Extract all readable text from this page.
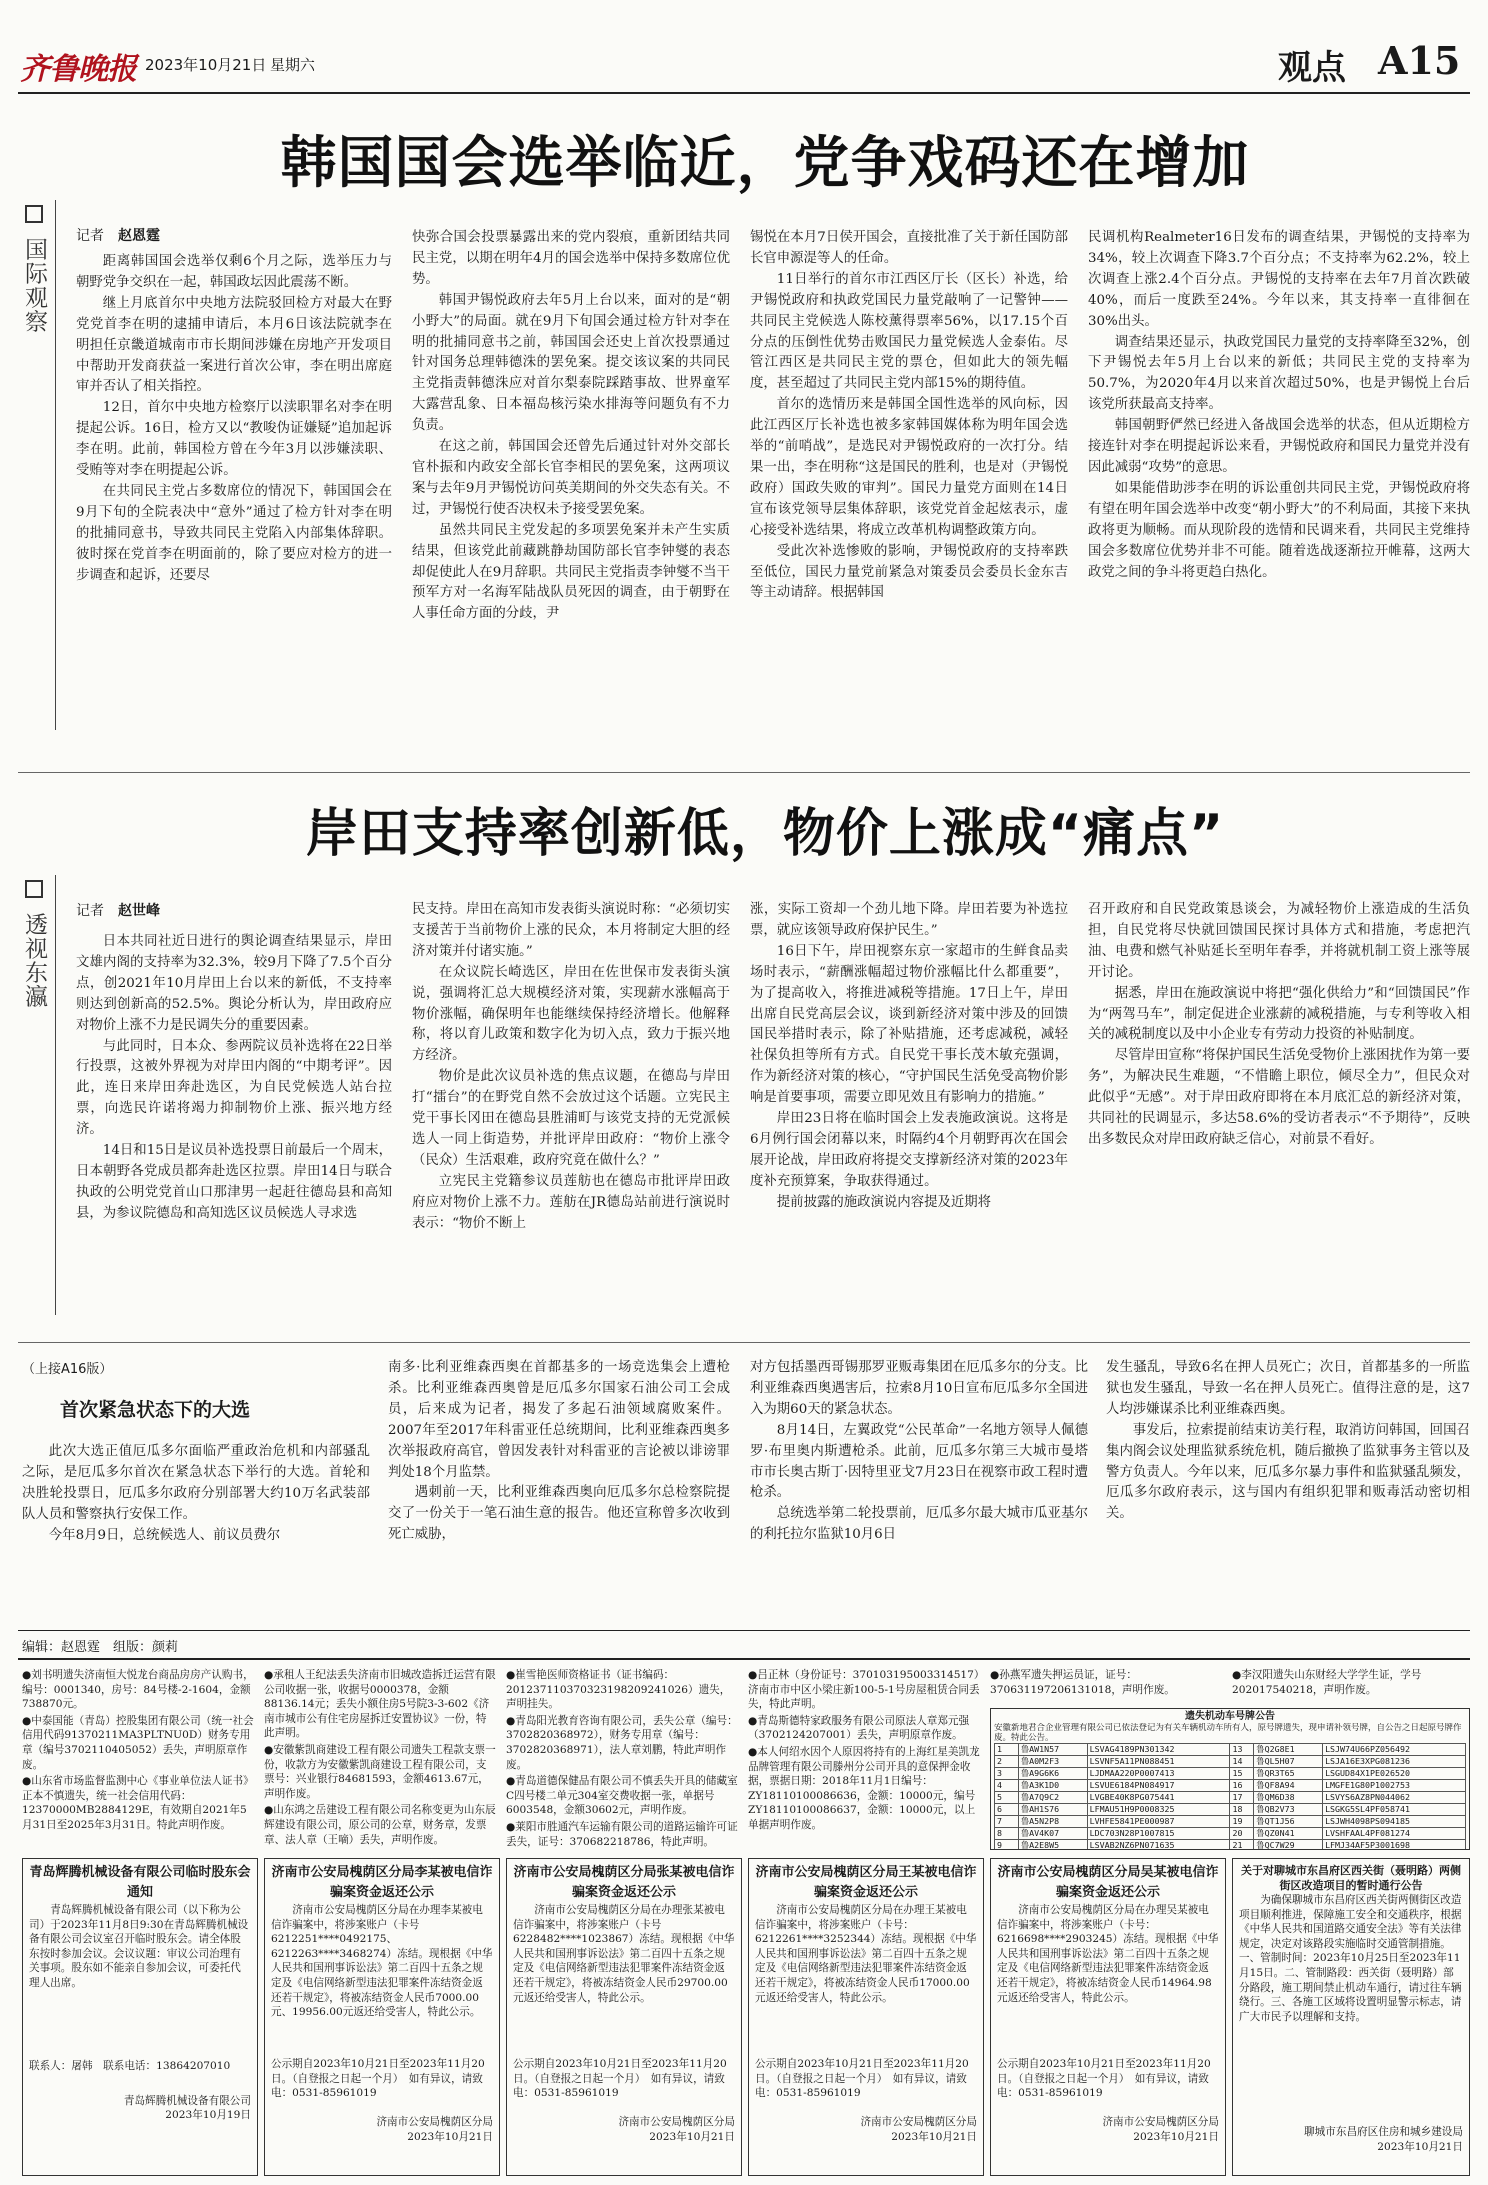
齐鲁晚报 2023年10月21日 星期六	观点 A15
韩国国会选举临近，党争戏码还在增加
国际观察
记者　 赵恩霆

距离韩国国会选举仅剩6个月之际，选举压力与朝野党争交织在一起，韩国政坛因此震荡不断。

继上月底首尔中央地方法院驳回检方对最大在野党党首李在明的逮捕申请后，本月6日该法院就李在明担任京畿道城南市市长期间涉嫌在房地产开发项目中帮助开发商获益一案进行首次公审，李在明出席庭审并否认了相关指控。

12日，首尔中央地方检察厅以渎职罪名对李在明提起公诉。16日，检方又以“教唆伪证嫌疑”追加起诉李在明。此前，韩国检方曾在今年3月以涉嫌渎职、受贿等对李在明提起公诉。

在共同民主党占多数席位的情况下，韩国国会在9月下旬的全院表决中“意外”通过了检方针对李在明的批捕同意书，导致共同民主党陷入内部集体辞职。彼时探在党首李在明面前的，除了要应对检方的进一步调查和起诉，还要尽

快弥合国会投票暴露出来的党内裂痕，重新团结共同民主党，以期在明年4月的国会选举中保持多数席位优势。

韩国尹锡悦政府去年5月上台以来，面对的是“朝小野大”的局面。就在9月下旬国会通过检方针对李在明的批捕同意书之前，韩国国会还史上首次投票通过针对国务总理韩德洙的罢免案。提交该议案的共同民主党指责韩德洙应对首尔梨泰院踩踏事故、世界童军大露营乱象、日本福岛核污染水排海等问题负有不力负责。

在这之前，韩国国会还曾先后通过针对外交部长官朴振和内政安全部长官李相民的罢免案，这两项议案与去年9月尹锡悦访问英美期间的外交失态有关。不过，尹锡悦行使否决权未予接受罢免案。

虽然共同民主党发起的多项罢免案并未产生实质结果，但该党此前藏跳静劫国防部长官李钟燮的表态却促使此人在9月辞职。共同民主党指责李钟燮不当干预军方对一名海军陆战队员死因的调查，由于朝野在人事任命方面的分歧，尹

锡悦在本月7日侯开国会，直接批准了关于新任国防部长官申源湜等人的任命。

11日举行的首尔市江西区厅长（区长）补选，给尹锡悦政府和执政党国民力量党敲响了一记警钟——共同民主党候选人陈校薰得票率56%，以17.15个百分点的压倒性优势击败国民力量党候选人金泰佑。尽管江西区是共同民主党的票仓，但如此大的领先幅度，甚至超过了共同民主党内部15%的期待值。

首尔的选情历来是韩国全国性选举的风向标，因此江西区厅长补选也被多家韩国媒体称为明年国会选举的“前哨战”，是选民对尹锡悦政府的一次打分。结果一出，李在明称“这是国民的胜利，也是对（尹锡悦政府）国政失败的审判”。国民力量党方面则在14日宣布该党领导层集体辞职，该党党首金起炫表示，虚心接受补选结果，将成立改革机构调整政策方向。

受此次补选惨败的影响，尹锡悦政府的支持率跌至低位，国民力量党前紧急对策委员会委员长金东吉等主动请辞。根据韩国

民调机构Realmeter16日发布的调查结果，尹锡悦的支持率为34%，较上次调查下降3.7个百分点；不支持率为62.2%，较上次调查上涨2.4个百分点。尹锡悦的支持率在去年7月首次跌破40%，而后一度跌至24%。今年以来，其支持率一直徘徊在30%出头。

调查结果还显示，执政党国民力量党的支持率降至32%，创下尹锡悦去年5月上台以来的新低；共同民主党的支持率为50.7%，为2020年4月以来首次超过50%，也是尹锡悦上台后该党所获最高支持率。

韩国朝野俨然已经进入备战国会选举的状态，但从近期检方接连针对李在明提起诉讼来看，尹锡悦政府和国民力量党并没有因此减弱“攻势”的意思。

如果能借助涉李在明的诉讼重创共同民主党，尹锡悦政府将有望在明年国会选举中改变“朝小野大”的不利局面，其接下来执政将更为顺畅。而从现阶段的选情和民调来看，共同民主党维持国会多数席位优势并非不可能。随着选战逐渐拉开帷幕，这两大政党之间的争斗将更趋白热化。

岸田支持率创新低，物价上涨成“痛点”
透视东瀛
记者　 赵世峰

日本共同社近日进行的舆论调查结果显示，岸田文雄内阁的支持率为32.3%，较9月下降了7.5个百分点，创2021年10月岸田上台以来的新低，不支持率则达到创新高的52.5%。舆论分析认为，岸田政府应对物价上涨不力是民调失分的重要因素。

与此同时，日本众、参两院议员补选将在22日举行投票，这被外界视为对岸田内阁的“中期考评”。因此，连日来岸田奔赴选区，为自民党候选人站台拉票，向选民许诺将竭力抑制物价上涨、振兴地方经济。

14日和15日是议员补选投票日前最后一个周末，日本朝野各党成员都奔赴选区拉票。岸田14日与联合执政的公明党党首山口那津男一起赶往德岛县和高知县，为参议院德岛和高知选区议员候选人寻求选

民支持。岸田在高知市发表街头演说时称：“必须切实支援苦于当前物价上涨的民众，本月将制定大胆的经济对策并付诸实施。”

在众议院长崎选区，岸田在佐世保市发表街头演说，强调将汇总大规模经济对策，实现薪水涨幅高于物价涨幅，确保明年也能继续保持经济增长。他解释称，将以育儿政策和数字化为切入点，致力于振兴地方经济。

物价是此次议员补选的焦点议题，在德岛与岸田打“擂台”的在野党自然不会放过这个话题。立宪民主党干事长冈田在德岛县胜浦町与该党支持的无党派候选人一同上街造势，并批评岸田政府：“物价上涨令（民众）生活艰难，政府究竟在做什么？”

立宪民主党籍参议员莲舫也在德岛市批评岸田政府应对物价上涨不力。莲舫在JR德岛站前进行演说时表示：“物价不断上

涨，实际工资却一个劲儿地下降。岸田若要为补选拉票，就应该领导政府保护民生。”

16日下午，岸田视察东京一家超市的生鲜食品卖场时表示，“薪酬涨幅超过物价涨幅比什么都重要”，为了提高收入，将推进减税等措施。17日上午，岸田出席自民党高层会议，谈到新经济对策中涉及的回馈国民举措时表示，除了补贴措施，还考虑减税，减轻社保负担等所有方式。自民党干事长茂木敏充强调，作为新经济对策的核心，“守护国民生活免受高物价影响是首要事项，需要立即见效且有影响力的措施。”

岸田23日将在临时国会上发表施政演说。这将是6月例行国会闭幕以来，时隔约4个月朝野再次在国会展开论战，岸田政府将提交支撑新经济对策的2023年度补充预算案，争取获得通过。

提前披露的施政演说内容提及近期将

召开政府和自民党政策恳谈会，为减轻物价上涨造成的生活负担，自民党将尽快就回馈国民探讨具体方式和措施，考虑把汽油、电费和燃气补贴延长至明年春季，并将就机制工资上涨等展开讨论。

据悉，岸田在施政演说中将把“强化供给力”和“回馈国民”作为“两驾马车”，制定促进企业涨薪的减税措施，与专利等收入相关的减税制度以及中小企业专有劳动力投资的补贴制度。

尽管岸田宣称“将保护国民生活免受物价上涨困扰作为第一要务”，为解决民生难题，“不惜瞻上职位，倾尽全力”，但民众对此似乎“无感”。对于岸田政府即将在本月底汇总的新经济对策，共同社的民调显示，多达58.6%的受访者表示“不予期待”，反映出多数民众对岸田政府缺乏信心，对前景不看好。

（上接A16版）
首次紧急状态下的大选

此次大选正值厄瓜多尔面临严重政治危机和内部骚乱之际，是厄瓜多尔首次在紧急状态下举行的大选。首轮和决胜轮投票日，厄瓜多尔政府分别部署大约10万名武装部队人员和警察执行安保工作。

今年8月9日，总统候选人、前议员费尔

南多·比利亚维森西奥在首都基多的一场竞选集会上遭枪杀。比利亚维森西奥曾是厄瓜多尔国家石油公司工会成员，后来成为记者，揭发了多起石油领域腐败案件。2007年至2017年科雷亚任总统期间，比利亚维森西奥多次举报政府高官，曾因发表针对科雷亚的言论被以诽谤罪判处18个月监禁。

遇刺前一天，比利亚维森西奥向厄瓜多尔总检察院提交了一份关于一笔石油生意的报告。他还宣称曾多次收到死亡威胁，

对方包括墨西哥锡那罗亚贩毒集团在厄瓜多尔的分支。比利亚维森西奥遇害后，拉索8月10日宣布厄瓜多尔全国进入为期60天的紧急状态。

8月14日，左翼政党“公民革命”一名地方领导人佩德罗·布里奥内斯遭枪杀。此前，厄瓜多尔第三大城市曼塔市市长奥古斯丁·因特里亚戈7月23日在视察市政工程时遭枪杀。

总统选举第二轮投票前，厄瓜多尔最大城市瓜亚基尔的利托拉尔监狱10月6日

发生骚乱，导致6名在押人员死亡；次日，首都基多的一所监狱也发生骚乱，导致一名在押人员死亡。值得注意的是，这7人均涉嫌谋杀比利亚维森西奥。

事发后，拉索提前结束访美行程，取消访问韩国，回国召集内阁会议处理监狱系统危机，随后撤换了监狱事务主管以及警方负责人。今年以来，厄瓜多尔暴力事件和监狱骚乱频发，厄瓜多尔政府表示，这与国内有组织犯罪和贩毒活动密切相关。

编辑：赵恩霆　组版：颜莉

●刘书明遗失济南恒大悦龙台商品房房产认购书，编号：0001340，房号：84号楼-2-1604，金额738870元。

●中泰国能（青岛）控股集团有限公司（统一社会信用代码91370211MA3PLTNU0D）财务专用章（编号3702110405052）丢失，声明原章作废。

●山东省市场监督监测中心《事业单位法人证书》正本不慎遗失，统一社会信用代码：12370000MB2884129E，有效期自2021年5月31日至2025年3月31日。特此声明作废。

●承租人王纪法丢失济南市旧城改造拆迁运营有限公司收据一张，收据号0000378，金额88136.14元；丢失小额住房5号院3-3-602《济南市城市公有住宅房屋拆迁安置协议》一份，特此声明。

●安徽紫凯商建设工程有限公司遗失工程款支票一份，收款方为安徽紫凯商建设工程有限公司，支票号：兴业银行84681593，金额4613.67元，声明作废。

●山东鸿之岳建设工程有限公司名称变更为山东辰辉建设有限公司，原公司的公章，财务章，发票章、法人章（王嘀）丢失，声明作废。

●崔雪艳医师资格证书（证书编码：201237110370323198209241026）遗失，声明挂失。

●青岛阳光教育咨询有限公司，丢失公章（编号：3702820368972），财务专用章（编号：3702820368971），法人章刘鹏，特此声明作废。

●青岛道德保健品有限公司不慎丢失开具的储藏室C四号楼二单元304室交费收据一张，单据号6003548，金额30602元，声明作废。

●莱阳市胜通汽车运输有限公司的道路运输许可证丢失，证号：370682218786，特此声明。

●吕正林（身份证号：370103195003314517）济南市市中区小梁庄新100-5-1号房屋租赁合同丢失，特此声明。

●青岛斯德特家政服务有限公司原法人章郑元强（3702124207001）丢失，声明原章作废。

●本人何绍水因个人原因将持有的上海红星美凯龙品牌管理有限公司滕州分公司开具的意保押金收据，票据日期：2018年11月1日编号：ZY18110100086636，金额：10000元，编号ZY18110100086637，金额：10000元，以上单据声明作废。

●孙燕军遗失押运员证，证号：370631197206131018，声明作废。

●李汉阳遗失山东财经大学学生证，学号202017540218，声明作废。

遗失机动车号牌公告
安徽新地君合企业管理有限公司已依法登记为有关车辆机动车所有人，原号牌遗失，现申请补领号牌，自公告之日起原号牌作废。特此公告。
1	鲁AW1N57	LSVAG4189PN301342	13	鲁Q2G8E1	LSJW74U66PZ056492
2	鲁A0M2F3	LSVNF5A11PN088451	14	鲁QL5H07	LSJA16E3XPG081236
3	鲁A9G6K6	LJDMAA220P0007413	15	鲁QR3T65	LSGUD84X1PE026520
4	鲁A3K1D0	LSVUE6184PN084917	16	鲁QF8A94	LMGFE1G80P1002753
5	鲁A7Q9C2	LVGBE40K8PG075441	17	鲁QM6D38	LSVYS6AZ8PN044062
6	鲁AH1S76	LFMAU51H9P0008325	18	鲁QB2V73	LSGKG5SL4PF058741
7	鲁A5N2P8	LVHFE5841PE000987	19	鲁QT1J56	LSJWH4098PS094185
8	鲁AV4K07	LDC703N28P1007815	20	鲁QZ0N41	LVSHFAAL4PF081274
9	鲁A2E8W5	LSVAB2NZ6PN071635	21	鲁QC7W29	LFMJ34AF5P3001698

青岛辉腾机械设备有限公司临时股东会通知
青岛辉腾机械设备有限公司（以下称为公司）于2023年11月8日9:30在青岛辉腾机械设备有限公司会议室召开临时股东会。请全体股东按时参加会议。会议议题：审议公司治理有关事项。股东如不能亲自参加会议，可委托代理人出席。
联系人：屠韩　联系电话：13864207010
青岛辉腾机械设备有限公司
2023年10月19日
济南市公安局槐荫区分局李某被电信诈骗案资金返还公示
济南市公安局槐荫区分局在办理李某被电信诈骗案中，将涉案账户（卡号6212251****0492175、6212263****3468274）冻结。现根据《中华人民共和国刑事诉讼法》第二百四十五条之规定及《电信网络新型违法犯罪案件冻结资金返还若干规定》，将被冻结资金人民币7000.00元、19956.00元返还给受害人，特此公示。
公示期自2023年10月21日至2023年11月20日。（自登报之日起一个月）　如有异议，请致电：0531-85961019
济南市公安局槐荫区分局
2023年10月21日
济南市公安局槐荫区分局张某被电信诈骗案资金返还公示
济南市公安局槐荫区分局在办理张某被电信诈骗案中，将涉案账户（卡号6228482****1023867）冻结。现根据《中华人民共和国刑事诉讼法》第二百四十五条之规定及《电信网络新型违法犯罪案件冻结资金返还若干规定》，将被冻结资金人民币29700.00元返还给受害人，特此公示。
公示期自2023年10月21日至2023年11月20日。（自登报之日起一个月）　如有异议，请致电：0531-85961019
济南市公安局槐荫区分局
2023年10月21日
济南市公安局槐荫区分局王某被电信诈骗案资金返还公示
济南市公安局槐荫区分局在办理王某被电信诈骗案中，将涉案账户（卡号：6212261****3252344）冻结。现根据《中华人民共和国刑事诉讼法》第二百四十五条之规定及《电信网络新型违法犯罪案件冻结资金返还若干规定》，将被冻结资金人民币17000.00元返还给受害人，特此公示。
公示期自2023年10月21日至2023年11月20日。（自登报之日起一个月）　如有异议，请致电：0531-85961019
济南市公安局槐荫区分局
2023年10月21日
济南市公安局槐荫区分局吴某被电信诈骗案资金返还公示
济南市公安局槐荫区分局在办理吴某被电信诈骗案中，将涉案账户（卡号：6216698****2903245）冻结。现根据《中华人民共和国刑事诉讼法》第二百四十五条之规定及《电信网络新型违法犯罪案件冻结资金返还若干规定》，将被冻结资金人民币14964.98元返还给受害人，特此公示。
公示期自2023年10月21日至2023年11月20日。（自登报之日起一个月）　如有异议，请致电：0531-85961019
济南市公安局槐荫区分局
2023年10月21日
关于对聊城市东昌府区西关街（聂明路）两侧街区改造项目的暂时通行公告
为确保聊城市东昌府区西关街两侧街区改造项目顺利推进，保障施工安全和交通秩序，根据《中华人民共和国道路交通安全法》等有关法律规定，决定对该路段实施临时交通管制措施。一、管制时间：2023年10月25日至2023年11月15日。二、管制路段：西关街（聂明路）部分路段，施工期间禁止机动车通行，请过往车辆绕行。三、各施工区域将设置明显警示标志，请广大市民予以理解和支持。
聊城市东昌府区住房和城乡建设局
2023年10月21日
